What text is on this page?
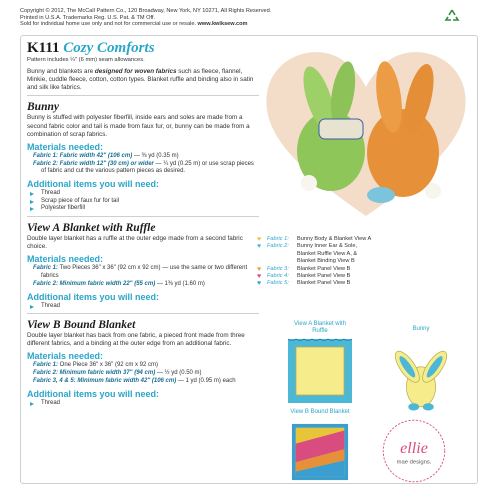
Copyright © 2012, The McCall Pattern Co., 120 Broadway, New York, NY 10271, All Rights Reserved.
Printed in U.S.A. Trademarks Reg. U.S. Pat. & TM Off.
Sold for individual home use only and not for commercial use or resale. www.kwiksew.com
K111 Cozy Comforts
Pattern includes ¼" (6 mm) seam allowances.
Bunny and blankets are designed for woven fabrics such as fleece, flannel, Minkie, cuddle fleece, cotton, cotton types. Blanket ruffle and binding also in satin and silk like fabrics.
Bunny
Bunny is stuffed with polyester fiberfill, inside ears and soles are made from a second fabric color and tail is made from faux fur, or, bunny can be made from a combination of scrap fabrics.
Materials needed:
Fabric 1: Fabric width 42" (106 cm) — ⅜ yd (0.35 m)
Fabric 2: Fabric width 12" (30 cm) or wider — ¼ yd (0.25 m) or use scrap pieces of fabric and cut the various pattern pieces as desired.
Additional items you will need:
Thread
Scrap piece of faux fur for tail
Polyester fiberfill
View A Blanket with Ruffle
Double layer blanket has a ruffle at the outer edge made from a second fabric choice.
Materials needed:
Fabric 1: Two Pieces 36" x 36" (92 cm x 92 cm) — use the same or two different fabrics
Fabric 2: Minimum fabric width 22" (55 cm) — 1⅜ yd (1.60 m)
Additional items you will need:
Thread
View B Bound Blanket
Double layer blanket has back from one fabric, a pieced front made from three different fabrics, and a binding at the outer edge from an additional fabric.
Materials needed:
Fabric 1: One Piece 36" x 36" (92 cm x 92 cm)
Fabric 2: Minimum fabric width 37" (94 cm) — ½ yd (0.50 m)
Fabric 3, 4 & 5: Minimum fabric width 42" (106 cm) — 1 yd (0.95 m) each
Additional items you will need:
Thread
♥	Fabric 1:	Bunny Body & Blanket View A
♥	Fabric 2:	Bunny Inner Ear & Sole, Blanket Ruffle View A, & Blanket Binding View B
♥	Fabric 3:	Blanket Panel View B
♥	Fabric 4:	Blanket Panel View B
♥	Fabric 5:	Blanket Panel View B
View A Blanket with Ruffle
View B Bound Blanket
Bunny
ellie
mae designs.
